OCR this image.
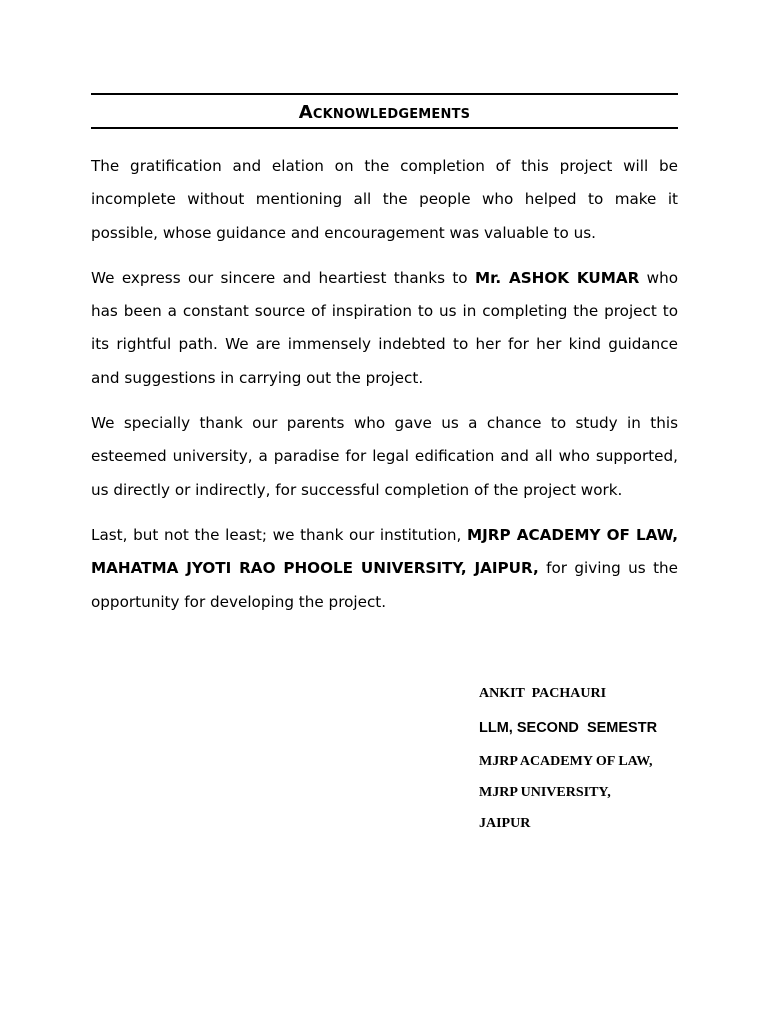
Acknowledgements

The gratification and elation on the completion of this project will be incomplete without mentioning all the people who helped to make it possible, whose guidance and encouragement was valuable to us.

We express our sincere and heartiest thanks to Mr. ASHOK KUMAR who has been a constant source of inspiration to us in completing the project to its rightful path. We are immensely indebted to her for her kind guidance and suggestions in carrying out the project.

We specially thank our parents who gave us a chance to study in this esteemed university, a paradise for legal edification and all who supported, us directly or indirectly, for successful completion of the project work.

Last, but not the least; we thank our institution, MJRP ACADEMY OF LAW, MAHATMA JYOTI RAO PHOOLE UNIVERSITY, JAIPUR, for giving us the opportunity for developing the project.

ANKIT  PACHAURI
LLM, SECOND  SEMESTR
MJRP ACADEMY OF LAW,
MJRP UNIVERSITY,
JAIPUR
